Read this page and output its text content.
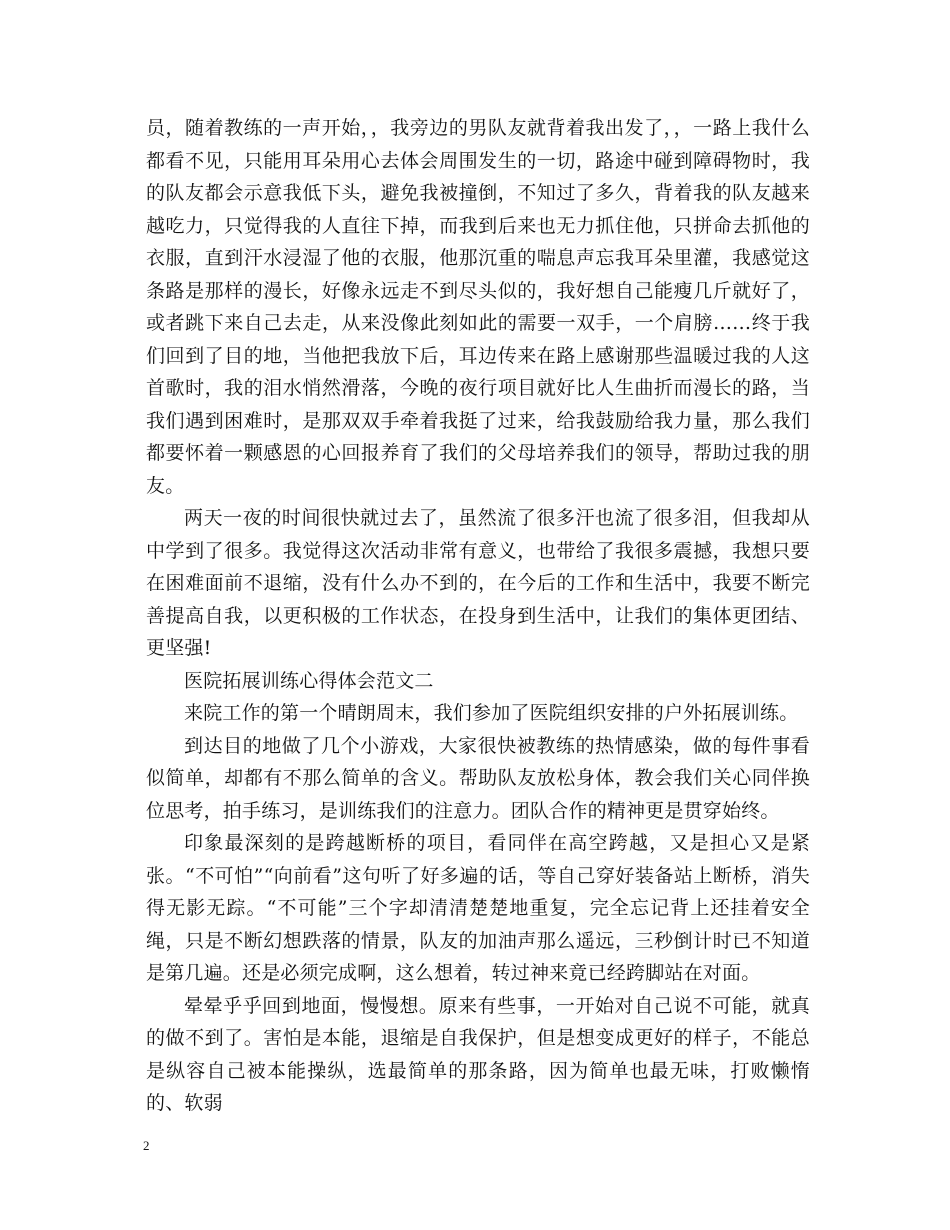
员，随着教练的一声开始，，我旁边的男队友就背着我出发了，，一路上我什么都看不见，只能用耳朵用心去体会周围发生的一切，路途中碰到障碍物时，我的队友都会示意我低下头，避免我被撞倒，不知过了多久，背着我的队友越来越吃力，只觉得我的人直往下掉，而我到后来也无力抓住他，只拼命去抓他的衣服，直到汗水浸湿了他的衣服，他那沉重的喘息声忘我耳朵里灌，我感觉这条路是那样的漫长，好像永远走不到尽头似的，我好想自己能瘦几斤就好了，或者跳下来自己去走，从来没像此刻如此的需要一双手，一个肩膀……终于我们回到了目的地，当他把我放下后，耳边传来在路上感谢那些温暖过我的人这首歌时，我的泪水悄然滑落，今晚的夜行项目就好比人生曲折而漫长的路，当我们遇到困难时，是那双双手牵着我挺了过来，给我鼓励给我力量，那么我们都要怀着一颗感恩的心回报养育了我们的父母培养我们的领导，帮助过我的朋友。

两天一夜的时间很快就过去了，虽然流了很多汗也流了很多泪，但我却从中学到了很多。我觉得这次活动非常有意义，也带给了我很多震撼，我想只要在困难面前不退缩，没有什么办不到的，在今后的工作和生活中，我要不断完善提高自我，以更积极的工作状态，在投身到生活中，让我们的集体更团结、更坚强!

医院拓展训练心得体会范文二

来院工作的第一个晴朗周末，我们参加了医院组织安排的户外拓展训练。

到达目的地做了几个小游戏，大家很快被教练的热情感染，做的每件事看似简单，却都有不那么简单的含义。帮助队友放松身体，教会我们关心同伴换位思考，拍手练习，是训练我们的注意力。团队合作的精神更是贯穿始终。

印象最深刻的是跨越断桥的项目，看同伴在高空跨越，又是担心又是紧张。“不可怕”“向前看”这句听了好多遍的话，等自己穿好装备站上断桥，消失得无影无踪。“不可能”三个字却清清楚楚地重复，完全忘记背上还挂着安全绳，只是不断幻想跌落的情景，队友的加油声那么遥远，三秒倒计时已不知道是第几遍。还是必须完成啊，这么想着，转过神来竟已经跨脚站在对面。

晕晕乎乎回到地面，慢慢想。原来有些事，一开始对自己说不可能，就真的做不到了。害怕是本能，退缩是自我保护，但是想变成更好的样子，不能总是纵容自己被本能操纵，选最简单的那条路，因为简单也最无味，打败懒惰的、软弱

2
